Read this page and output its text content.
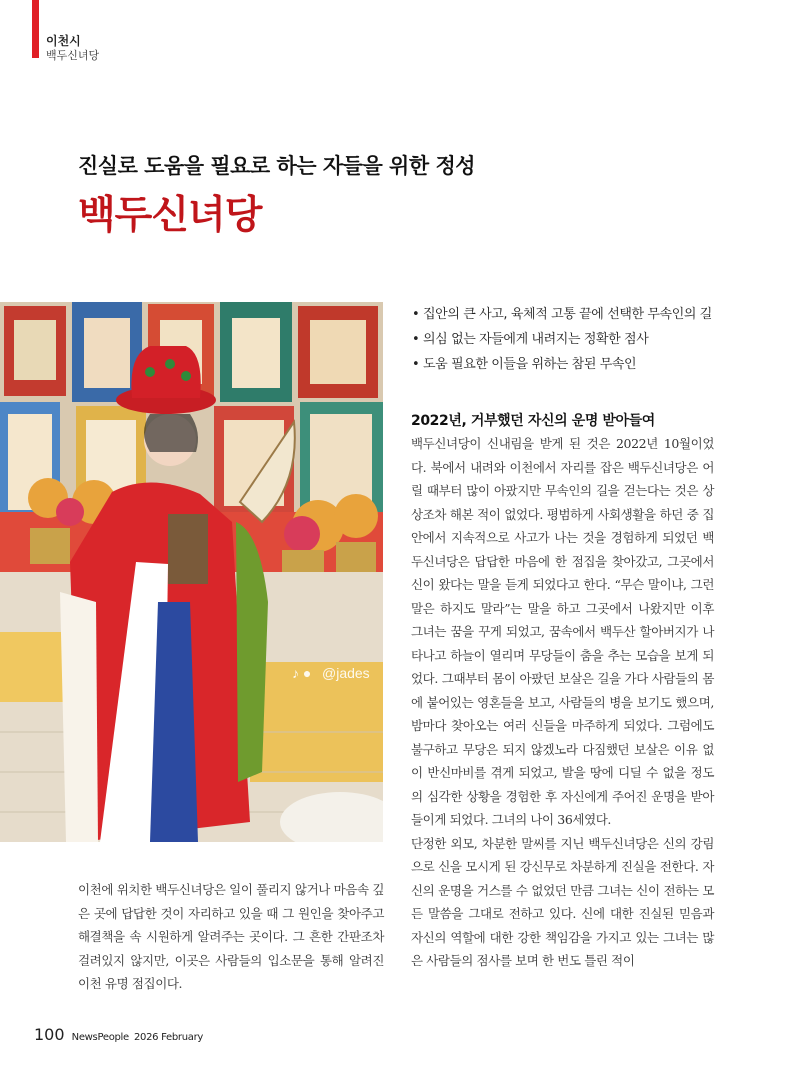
이천시
백두신녀당
진실로 도움을 필요로 하는 자들을 위한 정성
백두신녀당
♪ ● @jades
• 집안의 큰 사고, 육체적 고통 끝에 선택한 무속인의 길
• 의심 없는 자들에게 내려지는 정확한 점사
• 도움 필요한 이들을 위하는 참된 무속인
2022년, 거부했던 자신의 운명 받아들여

백두신녀당이 신내림을 받게 된 것은 2022년 10월이었다. 북에서 내려와 이천에서 자리를 잡은 백두신녀당은 어릴 때부터 많이 아팠지만 무속인의 길을 걷는다는 것은 상상조차 해본 적이 없었다. 평범하게 사회생활을 하던 중 집안에서 지속적으로 사고가 나는 것을 경험하게 되었던 백두신녀당은 답답한 마음에 한 점집을 찾아갔고, 그곳에서 신이 왔다는 말을 듣게 되었다고 한다. “무슨 말이냐, 그런 말은 하지도 말라”는 말을 하고 그곳에서 나왔지만 이후 그녀는 꿈을 꾸게 되었고, 꿈속에서 백두산 할아버지가 나타나고 하늘이 열리며 무당들이 춤을 추는 모습을 보게 되었다. 그때부터 몸이 아팠던 보살은 길을 가다 사람들의 몸에 붙어있는 영혼들을 보고, 사람들의 병을 보기도 했으며, 밤마다 찾아오는 여러 신들을 마주하게 되었다. 그럼에도 불구하고 무당은 되지 않겠노라 다짐했던 보살은 이유 없이 반신마비를 겪게 되었고, 발을 땅에 디딜 수 없을 정도의 심각한 상황을 경험한 후 자신에게 주어진 운명을 받아들이게 되었다. 그녀의 나이 36세였다.

단정한 외모, 차분한 말씨를 지닌 백두신녀당은 신의 강림으로 신을 모시게 된 강신무로 차분하게 진실을 전한다. 자신의 운명을 거스를 수 없었던 만큼 그녀는 신이 전하는 모든 말씀을 그대로 전하고 있다. 신에 대한 진실된 믿음과 자신의 역할에 대한 강한 책임감을 가지고 있는 그녀는 많은 사람들의 점사를 보며 한 번도 틀린 적이

이천에 위치한 백두신녀당은 일이 풀리지 않거나 마음속 깊은 곳에 답답한 것이 자리하고 있을 때 그 원인을 찾아주고 해결책을 속 시원하게 알려주는 곳이다. 그 흔한 간판조차 걸려있지 않지만, 이곳은 사람들의 입소문을 통해 알려진 이천 유명 점집이다.

100 NewsPeople 2026 February
